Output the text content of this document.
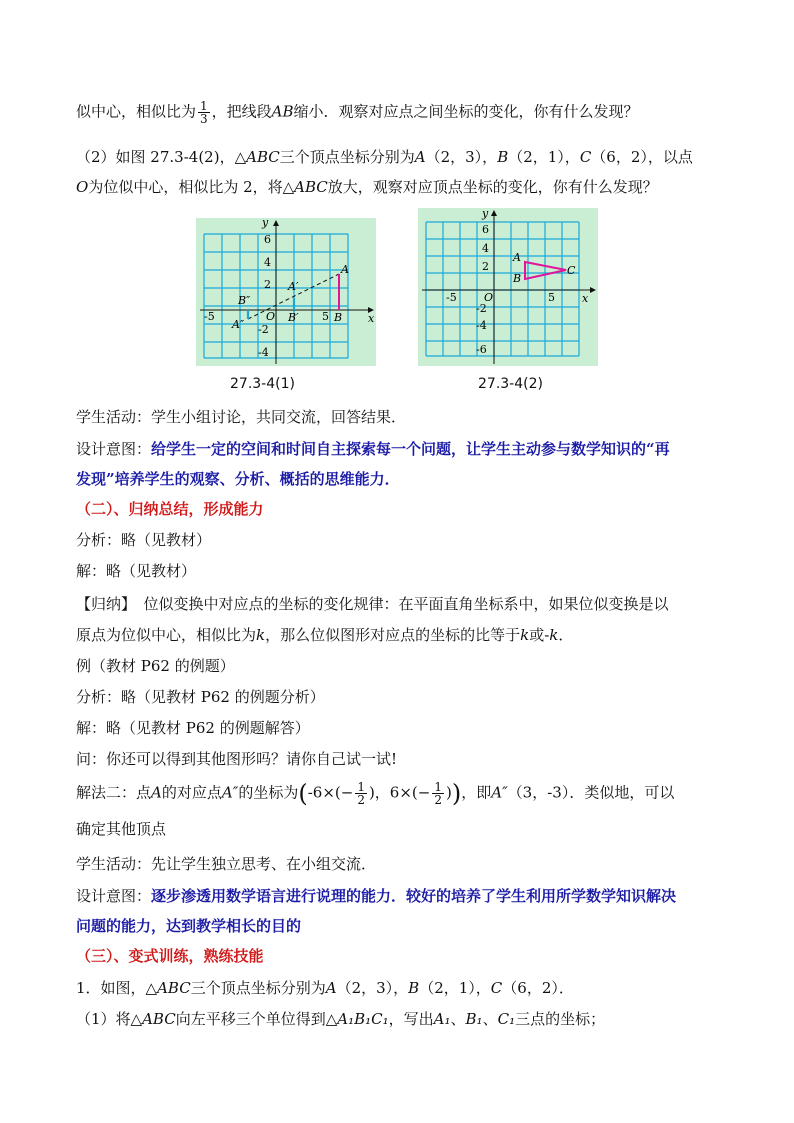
似中心，相似比为 $\frac{1}{3}$ ，把线段AB缩小．观察对应点之间坐标的变化，你有什么发现？
（2）如图 27.3-4(2)，△ABC三个顶点坐标分别为A（2，3），B（2，1），C（6，2），以点
O为位似中心，相似比为 2，将△ABC放大，观察对应顶点坐标的变化，你有什么发现？
x
y
6
4
2
-2
-4
-5	5
O
A
A′
A″
B
B′
B″	x
y
6
4
2
-2
-4
-6
-5	5
O
A
B
C
27.3-4(1)	27.3-4(2)
学生活动：学生小组讨论，共同交流，回答结果．
设计意图：给学生一定的空间和时间自主探索每一个问题，让学生主动参与数学知识的“再
发现”培养学生的观察、分析、概括的思维能力．
（二）、归纳总结，形成能力
分析：略（见教材）
解：略（见教材）
【归纳】　位似变换中对应点的坐标的变化规律：在平面直角坐标系中，如果位似变换是以
原点为位似中心，相似比为k，那么位似图形对应点的坐标的比等于k或-k．
例（教材 P62 的例题）
分析：略（见教材 P62 的例题分析）
解：略（见教材 P62 的例题解答）
问：你还可以得到其他图形吗？请你自己试一试!
解法二：点A的对应点A″的坐标为($-6\times(- \frac{1}{2}$ )，$6\times(- \frac{1}{2}$ ))，即A″（3，-3）．类似地，可以
确定其他顶点
学生活动：先让学生独立思考、在小组交流．
设计意图：逐步渗透用数学语言进行说理的能力．较好的培养了学生利用所学数学知识解决
问题的能力，达到教学相长的目的
（三）、变式训练，熟练技能
1．如图，△ABC三个顶点坐标分别为A（2，3），B（2，1），C（6，2）．
（1）将△ABC向左平移三个单位得到△A₁B₁C₁，写出A₁、B₁、C₁三点的坐标；
